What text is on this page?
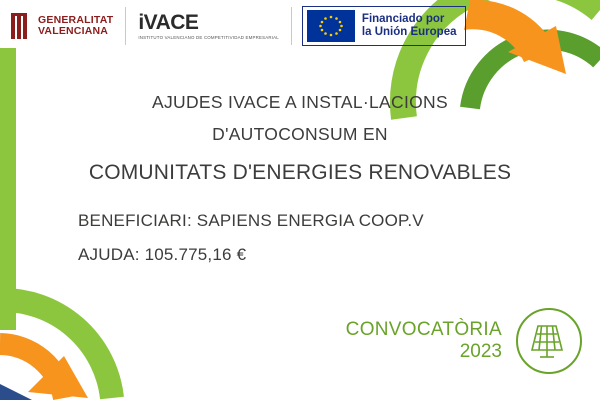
GENERALITAT
VALENCIANA iVACE
INSTITUTO VALENCIANO DE COMPETITIVIDAD EMPRESARIAL
Financiado por
la Unión Europea
AJUDES IVACE A INSTAL·LACIONS
D'AUTOCONSUM EN
COMUNITATS D'ENERGIES RENOVABLES
BENEFICIARI: SAPIENS ENERGIA COOP.V
AJUDA: 105.775,16 €
CONVOCATÒRIA
2023
